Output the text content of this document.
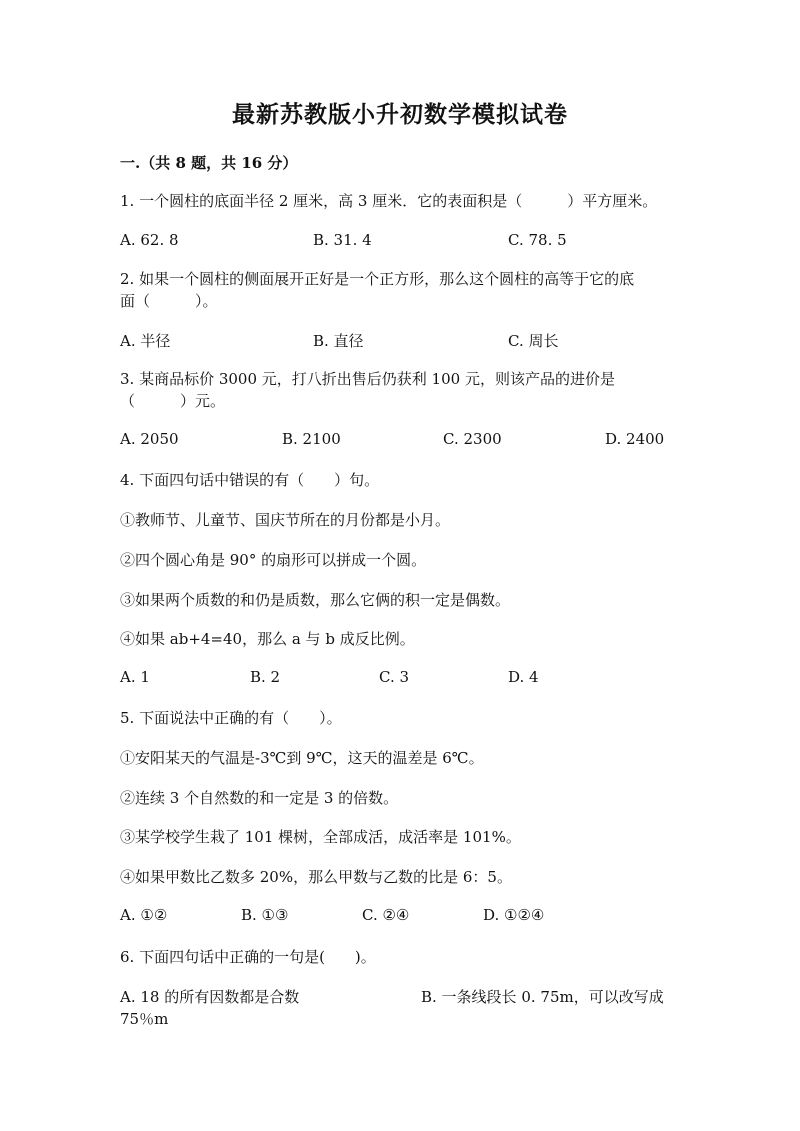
最新苏教版小升初数学模拟试卷
一.（共 8 题，共 16 分）
1. 一个圆柱的底面半径 2 厘米，高 3 厘米．它的表面积是（　　　）平方厘米。
A. 62. 8	B. 31. 4	C. 78. 5
2. 如果一个圆柱的侧面展开正好是一个正方形，那么这个圆柱的高等于它的底
面（　　　）。
A. 半径	B. 直径	C. 周长
3. 某商品标价 3000 元，打八折出售后仍获利 100 元，则该产品的进价是
（　　　）元。
A. 2050	B. 2100	C. 2300	D. 2400
4. 下面四句话中错误的有（　　）句。
①教师节、儿童节、国庆节所在的月份都是小月。
②四个圆心角是 90° 的扇形可以拼成一个圆。
③如果两个质数的和仍是质数，那么它俩的积一定是偶数。
④如果 ab+4=40，那么 a 与 b 成反比例。
A. 1	B. 2	C. 3	D. 4
5. 下面说法中正确的有（　　）。
①安阳某天的气温是-3℃到 9℃，这天的温差是 6℃。
②连续 3 个自然数的和一定是 3 的倍数。
③某学校学生栽了 101 棵树，全部成活，成活率是 101%。
④如果甲数比乙数多 20%，那么甲数与乙数的比是 6：5。
A. ①②	B. ①③	C. ②④	D. ①②④
6. 下面四句话中正确的一句是(　　)。
A. 18 的所有因数都是合数	B. 一条线段长 0. 75m，可以改写成
75％m
